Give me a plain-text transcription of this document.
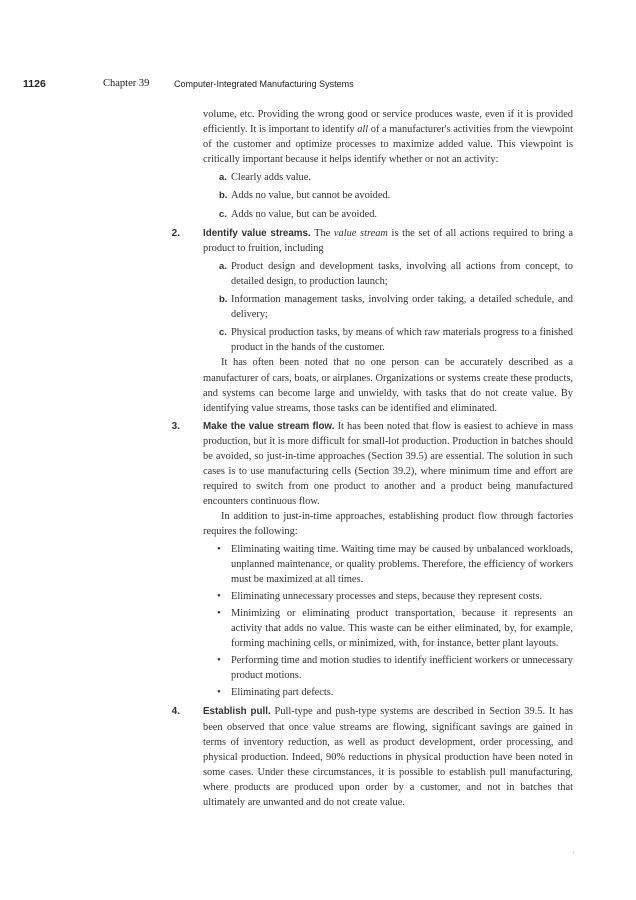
1126	Chapter 39	Computer-Integrated Manufacturing Systems

volume, etc. Providing the wrong good or service produces waste, even if it is provided efficiently. It is important to identify all of a manufacturer's activities from the viewpoint of the customer and optimize processes to maximize added value. This viewpoint is critically important because it helps identify whether or not an activity:

a. Clearly adds value.

b. Adds no value, but cannot be avoided.

c. Adds no value, but can be avoided.

2. Identify value streams. The value stream is the set of all actions required to bring a product to fruition, including

a. Product design and development tasks, involving all actions from concept, to detailed design, to production launch;

b. Information management tasks, involving order taking, a detailed schedule, and delivery;

c. Physical production tasks, by means of which raw materials progress to a finished product in the hands of the customer.

It has often been noted that no one person can be accurately described as a manufacturer of cars, boats, or airplanes. Organizations or systems create these products, and systems can become large and unwieldy, with tasks that do not create value. By identifying value streams, those tasks can be identified and eliminated.

3. Make the value stream flow. It has been noted that flow is easiest to achieve in mass production, but it is more difficult for small-lot production. Production in batches should be avoided, so just-in-time approaches (Section 39.5) are essential. The solution in such cases is to use manufacturing cells (Section 39.2), where minimum time and effort are required to switch from one product to another and a product being manufactured encounters continuous flow.

In addition to just-in-time approaches, establishing product flow through factories requires the following:

• Eliminating waiting time. Waiting time may be caused by unbalanced workloads, unplanned maintenance, or quality problems. Therefore, the efficiency of workers must be maximized at all times.

• Eliminating unnecessary processes and steps, because they represent costs.

• Minimizing or eliminating product transportation, because it represents an activity that adds no value. This waste can be either eliminated, by, for example, forming machining cells, or minimized, with, for instance, better plant layouts.

• Performing time and motion studies to identify inefficient workers or unnecessary product motions.

• Eliminating part defects.

4. Establish pull. Pull-type and push-type systems are described in Section 39.5. It has been observed that once value streams are flowing, significant savings are gained in terms of inventory reduction, as well as product development, order processing, and physical production. Indeed, 90% reductions in physical production have been noted in some cases. Under these circumstances, it is possible to establish pull manufacturing, where products are produced upon order by a customer, and not in batches that ultimately are unwanted and do not create value.

‘
